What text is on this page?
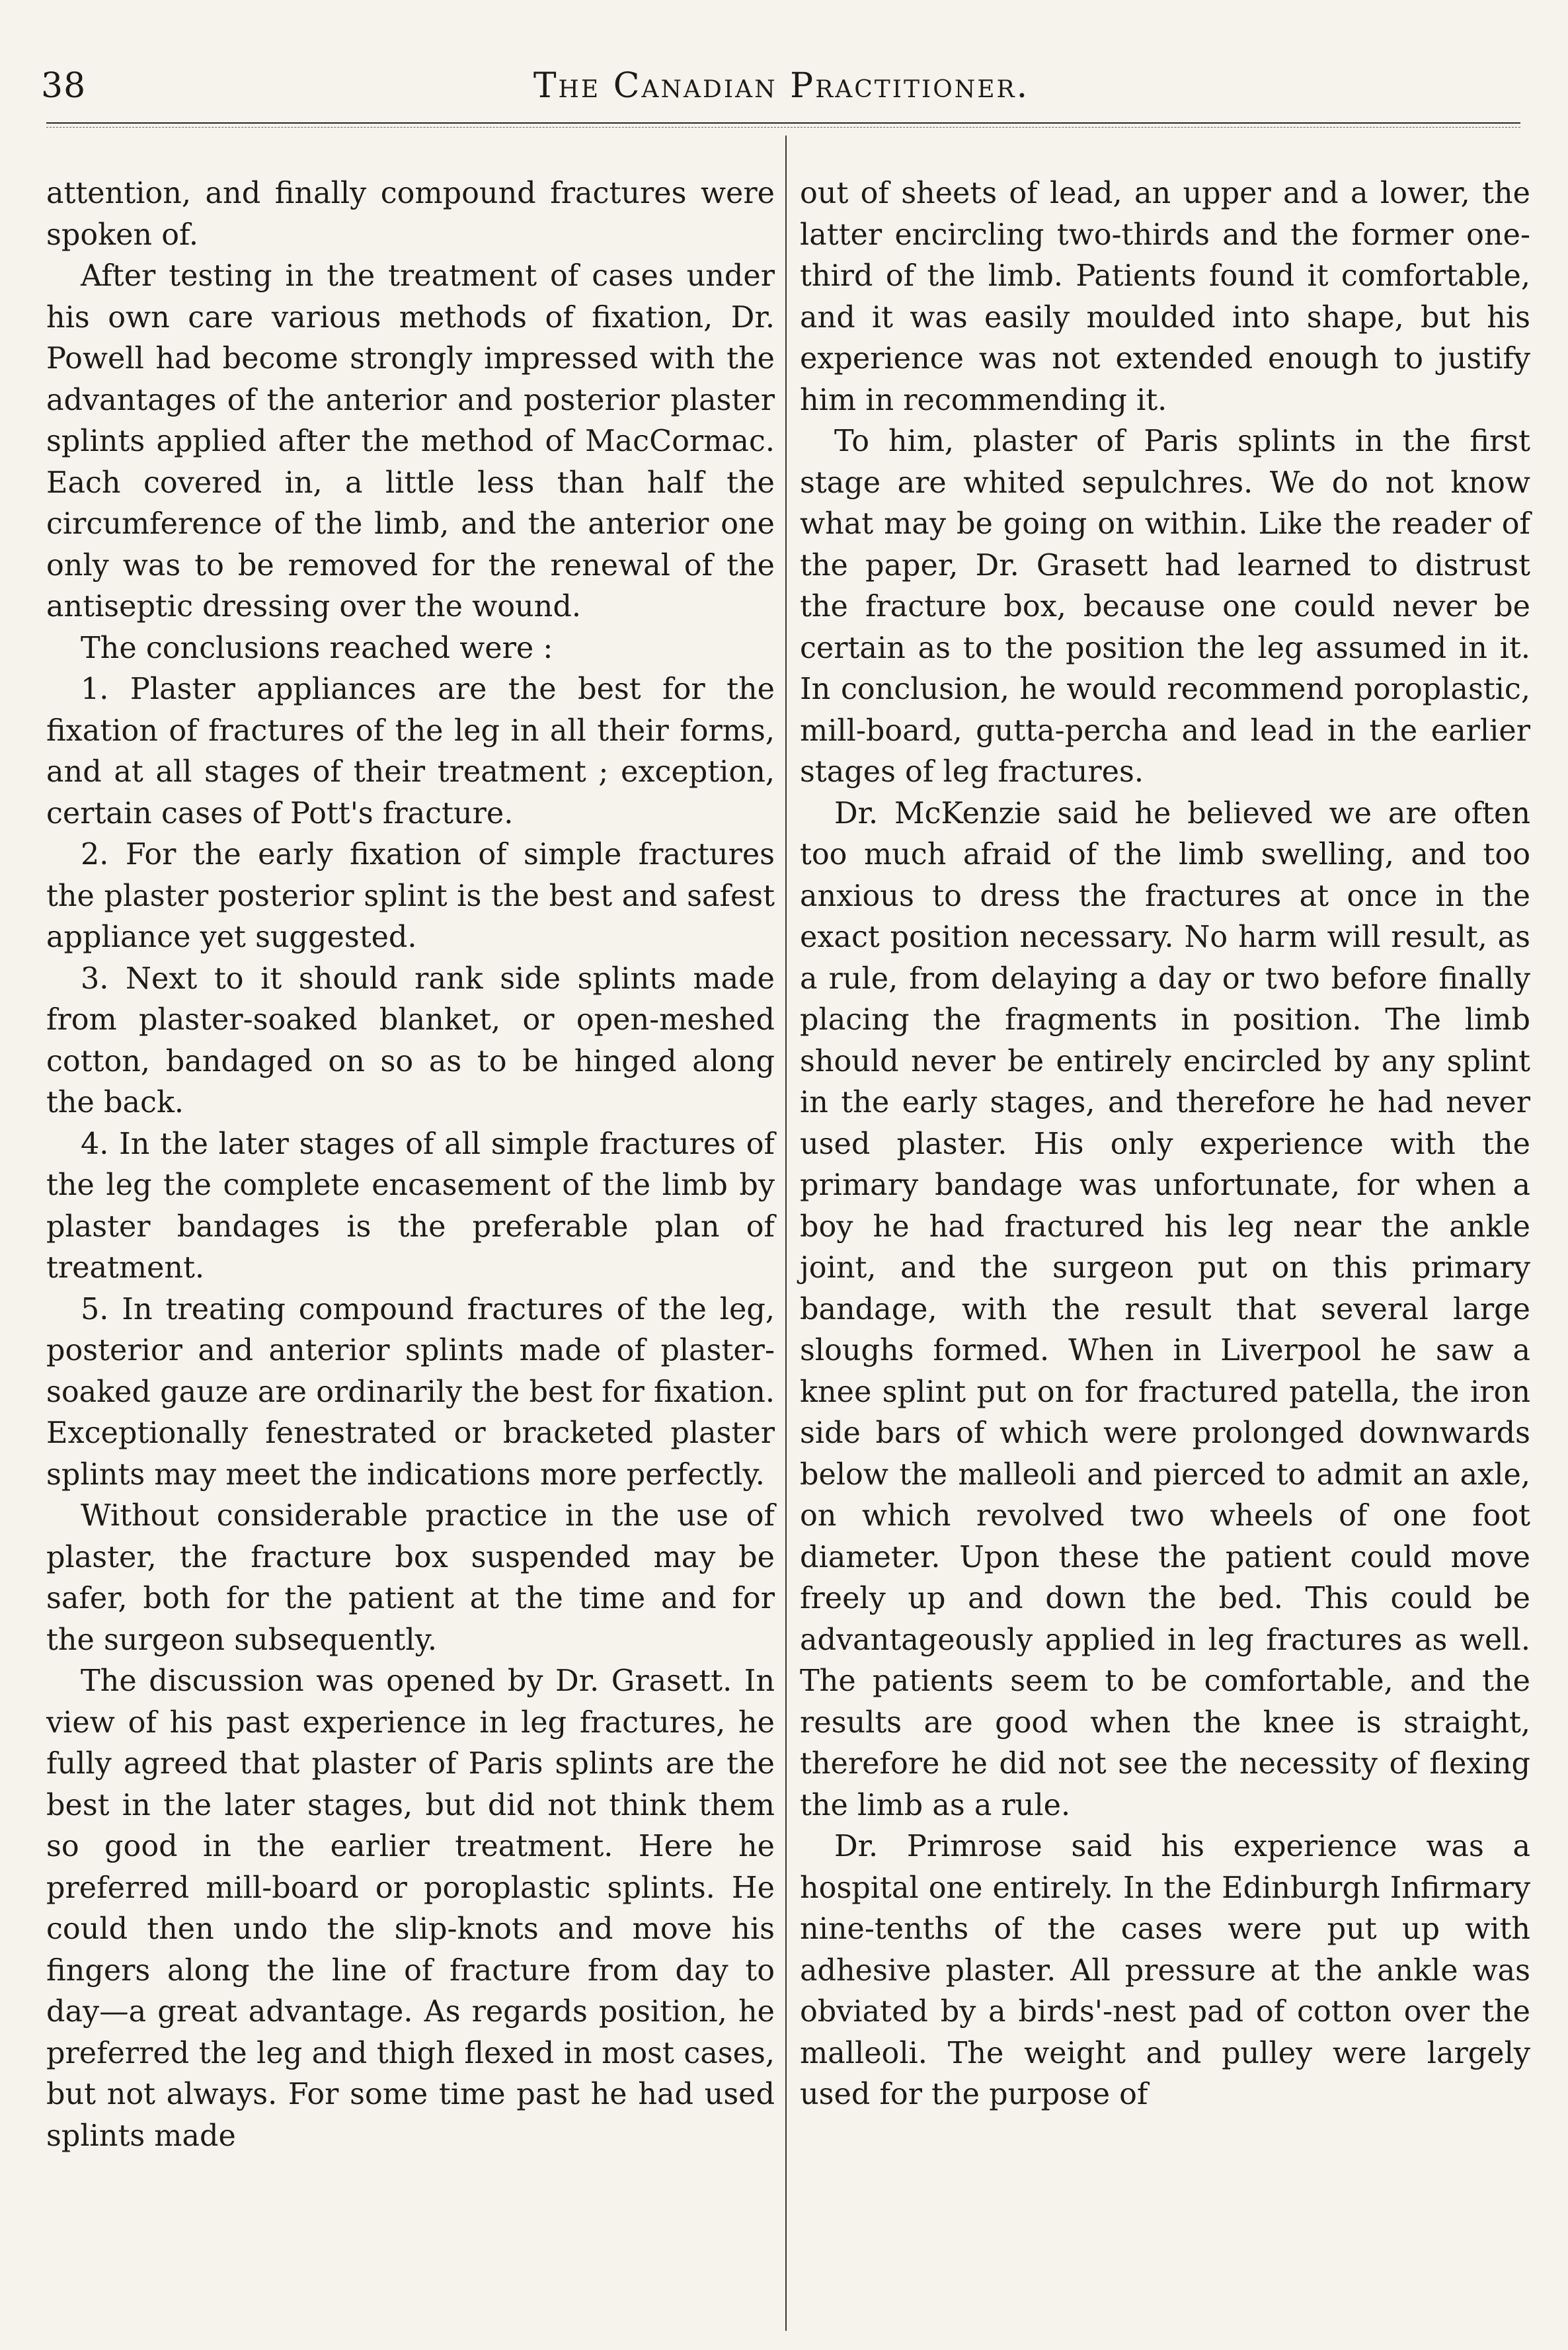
38	The Canadian Practitioner.

attention, and finally compound fractures were spoken of.

After testing in the treatment of cases under his own care various methods of fixation, Dr. Powell had become strongly impressed with the advantages of the anterior and posterior plaster splints applied after the method of MacCormac. Each covered in, a little less than half the circumference of the limb, and the anterior one only was to be removed for the renewal of the antiseptic dressing over the wound.

The conclusions reached were :

1. Plaster appliances are the best for the fixation of fractures of the leg in all their forms, and at all stages of their treatment ; exception, certain cases of Pott's fracture.

2. For the early fixation of simple fractures the plaster posterior splint is the best and safest appliance yet suggested.

3. Next to it should rank side splints made from plaster-soaked blanket, or open-meshed cotton, bandaged on so as to be hinged along the back.

4. In the later stages of all simple fractures of the leg the complete encasement of the limb by plaster bandages is the preferable plan of treatment.

5. In treating compound fractures of the leg, posterior and anterior splints made of plaster-soaked gauze are ordinarily the best for fixation. Exceptionally fenestrated or bracketed plaster splints may meet the indications more perfectly.

Without considerable practice in the use of plaster, the fracture box suspended may be safer, both for the patient at the time and for the surgeon subsequently.

The discussion was opened by Dr. Grasett. In view of his past experience in leg fractures, he fully agreed that plaster of Paris splints are the best in the later stages, but did not think them so good in the earlier treatment. Here he preferred mill-board or poroplastic splints. He could then undo the slip-knots and move his fingers along the line of fracture from day to day—a great advantage. As regards position, he preferred the leg and thigh flexed in most cases, but not always. For some time past he had used splints made

out of sheets of lead, an upper and a lower, the latter encircling two-thirds and the former one-third of the limb. Patients found it comfortable, and it was easily moulded into shape, but his experience was not extended enough to justify him in recommending it.

To him, plaster of Paris splints in the first stage are whited sepulchres. We do not know what may be going on within. Like the reader of the paper, Dr. Grasett had learned to distrust the fracture box, because one could never be certain as to the position the leg assumed in it. In conclusion, he would recommend poroplastic, mill-board, gutta-percha and lead in the earlier stages of leg fractures.

Dr. McKenzie said he believed we are often too much afraid of the limb swelling, and too anxious to dress the fractures at once in the exact position necessary. No harm will result, as a rule, from delaying a day or two before finally placing the fragments in position. The limb should never be entirely encircled by any splint in the early stages, and therefore he had never used plaster. His only experience with the primary bandage was unfortunate, for when a boy he had fractured his leg near the ankle joint, and the surgeon put on this primary bandage, with the result that several large sloughs formed. When in Liverpool he saw a knee splint put on for fractured patella, the iron side bars of which were prolonged downwards below the malleoli and pierced to admit an axle, on which revolved two wheels of one foot diameter. Upon these the patient could move freely up and down the bed. This could be advantageously applied in leg fractures as well. The patients seem to be comfortable, and the results are good when the knee is straight, therefore he did not see the necessity of flexing the limb as a rule.

Dr. Primrose said his experience was a hospital one entirely. In the Edinburgh Infirmary nine-tenths of the cases were put up with adhesive plaster. All pressure at the ankle was obviated by a birds'-nest pad of cotton over the malleoli. The weight and pulley were largely used for the purpose of
